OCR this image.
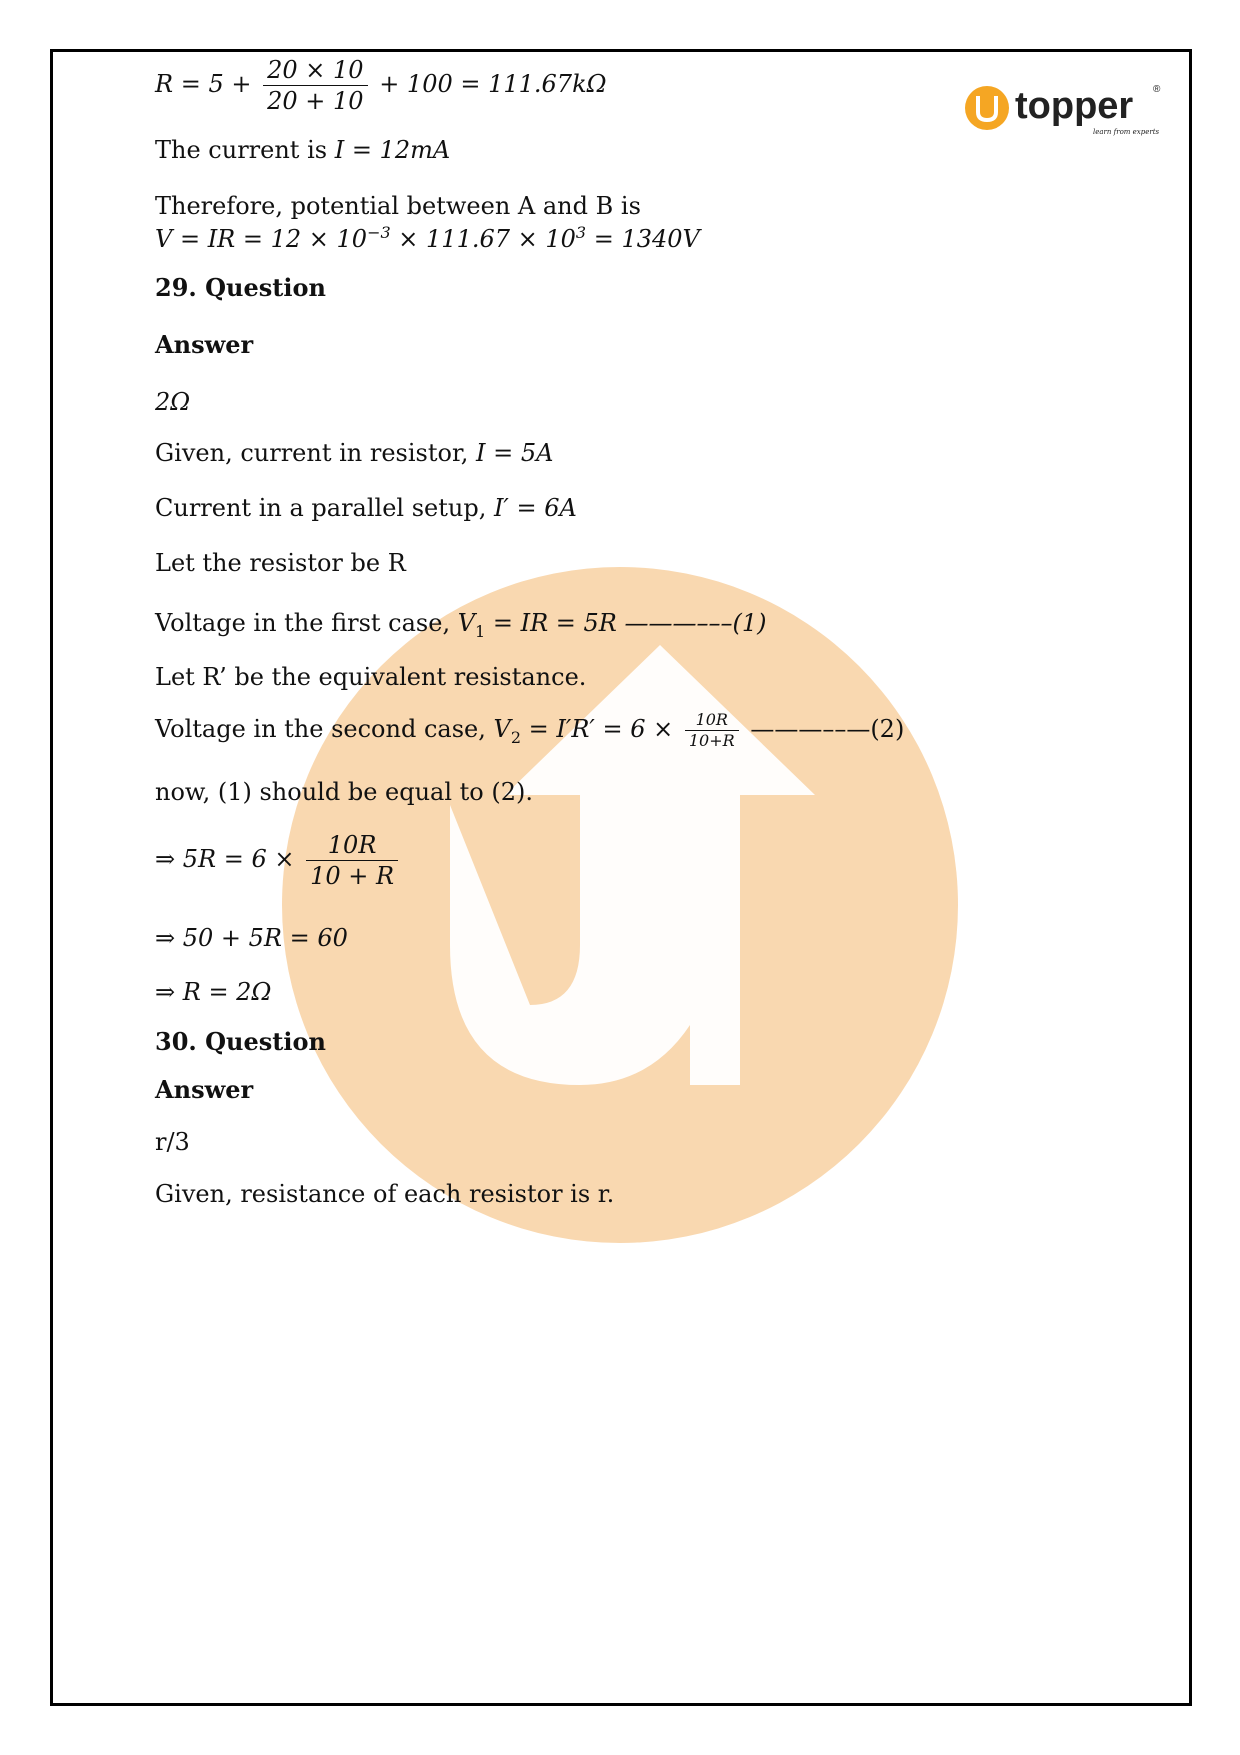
topper ®
learn from experts
$R = 5 + \frac{20 \times 10}{20 + 10} + 100 = 111.67k\Omega$
The current is I = 12mA
Therefore, potential between A and B is
V = IR = $12 \times 10^{-3} \times 111.67 \times 10^3 = 1340V$
29. Question
Answer
2Ω
Given, current in resistor, I = 5A
Current in a parallel setup, I′ = 6A
Let the resistor be R
Voltage in the first case, $V_1$ = IR = 5R ———–––(1)
Let R’ be the equivalent resistance.
Voltage in the second case, $V_2 = I'R' = 6 \times \frac{10R}{10+R}$ ———––—(2)
now, (1) should be equal to (2).
⇒ $5R = 6 \times \frac{10R}{10 + R}$
⇒ 50 + 5R = 60
⇒ R = 2Ω
30. Question
Answer
r/3
Given, resistance of each resistor is r.
